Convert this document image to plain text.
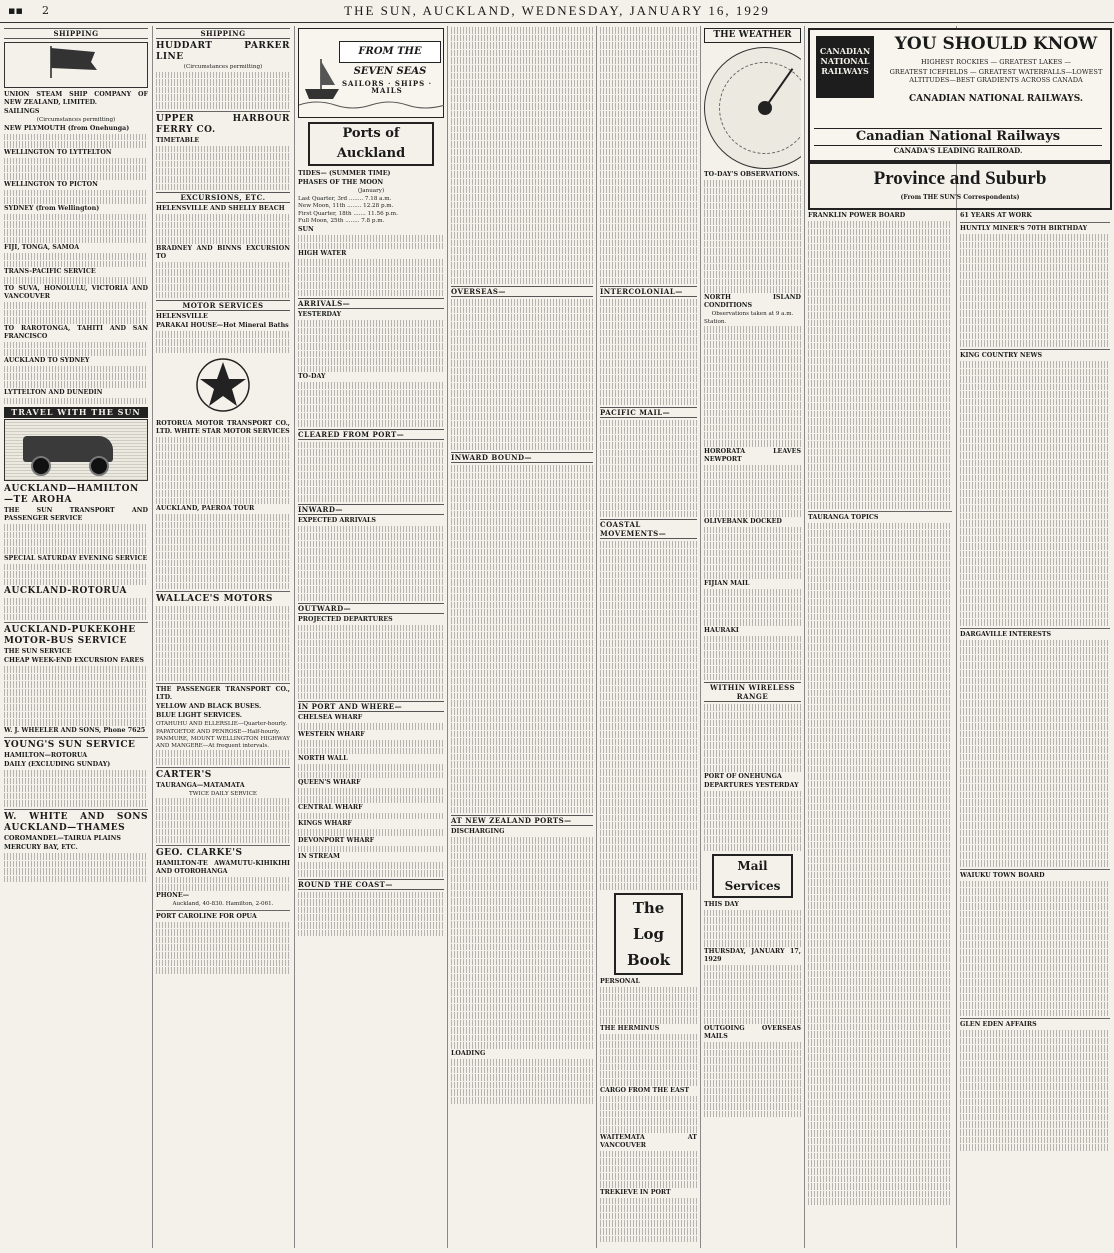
▪▪ 2	THE SUN, AUCKLAND, WEDNESDAY, JANUARY 16, 1929
SHIPPING

UNION STEAM SHIP COMPANY OF NEW ZEALAND, LIMITED.

SAILINGS

(Circumstances permitting)

NEW PLYMOUTH (from Onehunga)

WELLINGTON TO LYTTELTON

WELLINGTON TO PICTON

SYDNEY (from Wellington)

FIJI, TONGA, SAMOA

TRANS-PACIFIC SERVICE

TO SUVA, HONOLULU, VICTORIA AND VANCOUVER

TO RAROTONGA, TAHITI AND SAN FRANCISCO

AUCKLAND TO SYDNEY

LYTTELTON AND DUNEDIN

TRAVEL WITH THE SUN

AUCKLAND—HAMILTON—TE AROHA

THE SUN TRANSPORT AND PASSENGER SERVICE

SPECIAL SATURDAY EVENING SERVICE

AUCKLAND-ROTORUA

AUCKLAND-PUKEKOHE MOTOR-BUS SERVICE

THE SUN SERVICE

CHEAP WEEK-END EXCURSION FARES

W. J. WHEELER AND SONS, Phone 7625

YOUNG'S SUN SERVICE

HAMILTON—ROTORUA

DAILY (EXCLUDING SUNDAY)

W. WHITE AND SONS AUCKLAND—THAMES

COROMANDEL—TAIRUA PLAINS

MERCURY BAY, ETC.

SHIPPING

HUDDART PARKER LINE

(Circumstances permitting)

UPPER HARBOUR FERRY CO.

TIMETABLE

EXCURSIONS, ETC.

HELENSVILLE AND SHELLY BEACH

BRADNEY AND BINNS EXCURSION TO

MOTOR SERVICES

HELENSVILLE

PARAKAI HOUSE—Hot Mineral Baths

ROTORUA MOTOR TRANSPORT CO., LTD. WHITE STAR MOTOR SERVICES

AUCKLAND, PAEROA TOUR

WALLACE'S MOTORS

THE PASSENGER TRANSPORT CO., LTD.

YELLOW AND BLACK BUSES.

BLUE LIGHT SERVICES.

OTAHUHU AND ELLERSLIE—Quarter-hourly.

PAPATOETOE AND PENROSE—Half-hourly.

PANMURE, MOUNT WELLINGTON HIGHWAY AND MANGERE—At frequent intervals.

CARTER'S

TAURANGA—MATAMATA

TWICE DAILY SERVICE

GEO. CLARKE'S

HAMILTON-TE AWAMUTU-KIHIKIHI AND OTOROHANGA

PHONE—

Auckland, 40-830. Hamilton, 2-061.

PORT CAROLINE FOR OPUA

FROM THE SEVEN SEAS
SAILORS · SHIPS · MAILS
Ports of Auckland

TIDES— (SUMMER TIME)

PHASES OF THE MOON

(January)

Last Quarter, 3rd ........ 7.18 a.m.

New Moon, 11th ........ 12.28 p.m.

First Quarter, 18th ....... 11.56 p.m.

Full Moon, 25th ........ 7.8 p.m.

SUN

HIGH WATER

ARRIVALS—

YESTERDAY

TO-DAY

CLEARED FROM PORT—
INWARD—

EXPECTED ARRIVALS

OUTWARD—

PROJECTED DEPARTURES

IN PORT AND WHERE—

CHELSEA WHARF

WESTERN WHARF

NORTH WALL

QUEEN'S WHARF

CENTRAL WHARF

KINGS WHARF

DEVONPORT WHARF

IN STREAM

ROUND THE COAST—
OVERSEAS—
INWARD BOUND—
AT NEW ZEALAND PORTS—

DISCHARGING

LOADING

INTERCOLONIAL—
PACIFIC MAIL—
COASTAL MOVEMENTS—
The Log Book

PERSONAL

THE HERMINUS

CARGO FROM THE EAST

WAITEMATA AT VANCOUVER

TREKIEVE IN PORT

THE WEATHER

TO-DAY'S OBSERVATIONS.

NORTH ISLAND CONDITIONS

Observations taken at 9 a.m.

Station.

HORORATA LEAVES NEWPORT

OLIVEBANK DOCKED

FIJIAN MAIL

HAURAKI

WITHIN WIRELESS RANGE

PORT OF ONEHUNGA

DEPARTURES YESTERDAY

Mail Services

THIS DAY

THURSDAY, JANUARY 17, 1929

OUTGOING OVERSEAS MAILS

CANADIAN NATIONAL RAILWAYS
YOU SHOULD KNOW
HIGHEST ROCKIES — GREATEST LAKES —
GREATEST ICEFIELDS — GREATEST WATERFALLS—LOWEST ALTITUDES—BEST GRADIENTS ACROSS CANADA
CANADIAN NATIONAL RAILWAYS.
Canadian National Railways
CANADA'S LEADING RAILROAD.
Province and Suburb
(From THE SUN'S Correspondents)

FRANKLIN POWER BOARD

TAURANGA TOPICS

61 YEARS AT WORK

HUNTLY MINER'S 70TH BIRTHDAY

KING COUNTRY NEWS

DARGAVILLE INTERESTS

WAIUKU TOWN BOARD

GLEN EDEN AFFAIRS
